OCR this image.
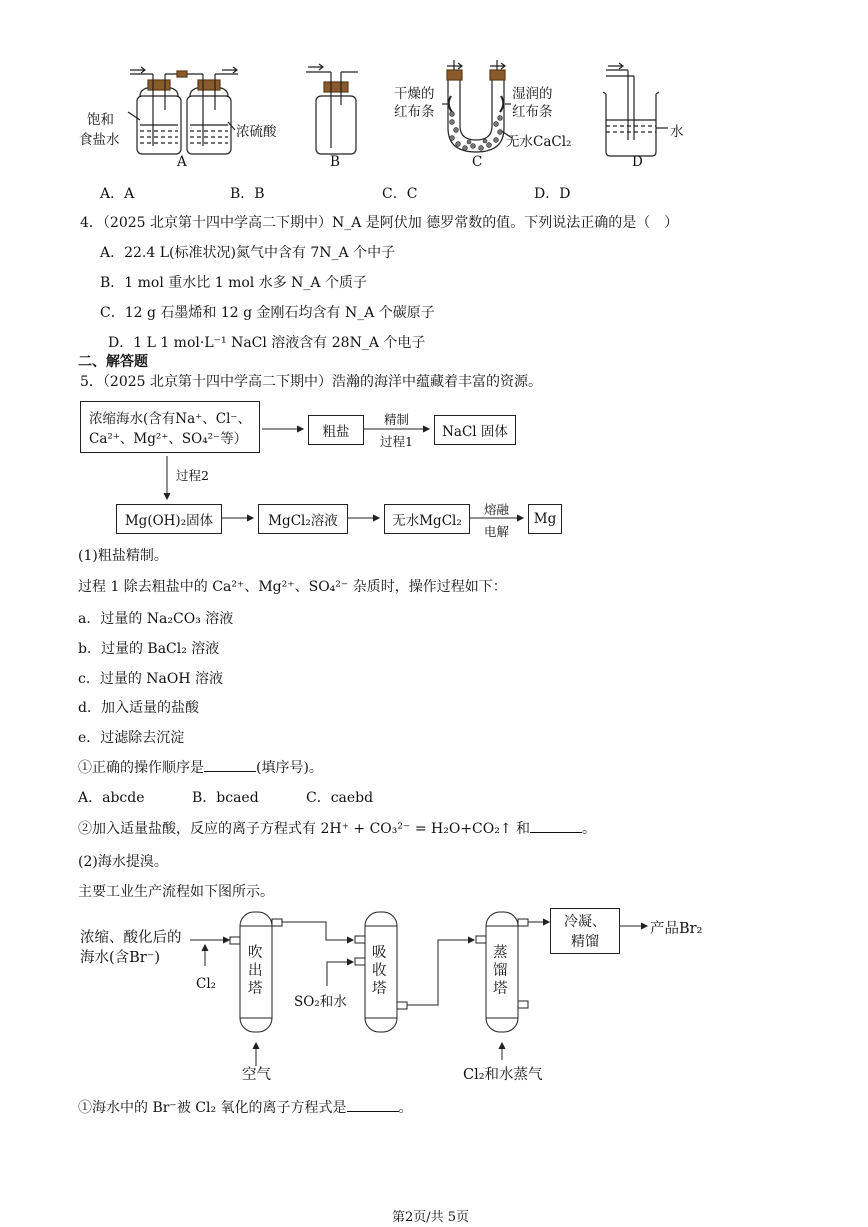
饱和
食盐水	浓硫酸
A	B
干燥的
红布条
湿润的
红布条
无水CaCl₂
C
水
D
A．A	B．B	C．C	D．D
4．（2025 北京第十四中学高二下期中）N_A 是阿伏加 德罗常数的值。下列说法正确的是（　）
A．22.4 L(标准状况)氮气中含有 7N_A 个中子
B．1 mol 重水比 1 mol 水多 N_A 个质子
C．12 g 石墨烯和 12 g 金刚石均含有 N_A 个碳原子
D．1 L 1 mol·L⁻¹ NaCl 溶液含有 28N_A 个电子
二、解答题
5．（2025 北京第十四中学高二下期中）浩瀚的海洋中蕴藏着丰富的资源。
浓缩海水(含有Na⁺、Cl⁻、
Ca²⁺、Mg²⁺、SO₄²⁻等）	粗盐
精制
过程1
NaCl 固体
过程2
Mg(OH)₂固体	MgCl₂溶液	无水MgCl₂
熔融
电解
Mg
(1)粗盐精制。
过程 1 除去粗盐中的 Ca²⁺、Mg²⁺、SO₄²⁻ 杂质时，操作过程如下：
a．过量的 Na₂CO₃ 溶液
b．过量的 BaCl₂ 溶液
c．过量的 NaOH 溶液
d．加入适量的盐酸
e．过滤除去沉淀
①正确的操作顺序是	(填序号)。
A．abcde	B．bcaed	C．caebd
②加入适量盐酸，反应的离子方程式有 2H⁺ + CO₃²⁻ = H₂O+CO₂↑ 和	。
(2)海水提溴。
主要工业生产流程如下图所示。
浓缩、酸化后的
海水(含Br⁻)
Cl₂
吹
出
塔
空气
吸
收
塔
SO₂和水
蒸
馏
塔
Cl₂和水蒸气
冷凝、
精馏
产品Br₂
①海水中的 Br⁻被 Cl₂ 氧化的离子方程式是	。
第2页/共 5页
